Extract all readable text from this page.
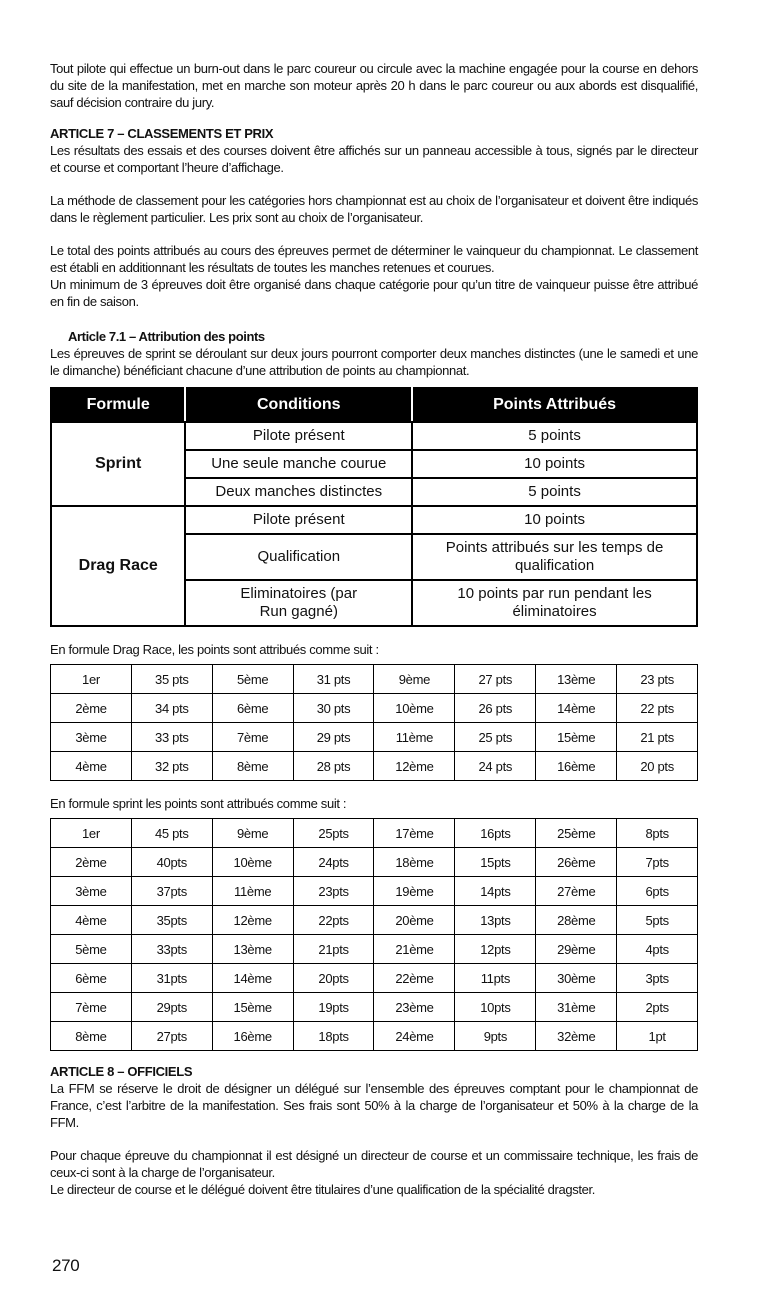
Tout pilote qui effectue un burn-out dans le parc coureur ou circule avec la machine engagée pour la course en dehors du site de la manifestation, met en marche son moteur après 20 h dans le parc coureur ou aux abords est disqualifié, sauf décision contraire du jury.

ARTICLE 7 – CLASSEMENTS ET PRIX

Les résultats des essais et des courses doivent être affichés sur un panneau accessible à tous, signés par le directeur et course et comportant l’heure d’affichage.

La méthode de classement pour les catégories hors championnat est au choix de l’organisateur et doivent être indiqués dans le règlement particulier. Les prix sont au choix de l’organisateur.

Le total des points attribués au cours des épreuves permet de déterminer le vainqueur du championnat. Le classement est établi en additionnant les résultats de toutes les manches retenues et courues.

Un minimum de 3 épreuves doit être organisé dans chaque catégorie pour qu’un titre de vainqueur puisse être attribué en fin de saison.

Article 7.1 – Attribution des points

Les épreuves de sprint se déroulant sur deux jours pourront comporter deux manches distinctes (une le samedi et une le dimanche) bénéficiant chacune d’une attribution de points au championnat.

Formule	Conditions	Points Attribués
Sprint	Pilote présent	5 points
	Une seule manche courue	10 points
	Deux manches distinctes	5 points
Drag Race	Pilote présent	10 points
	Qualification	Points attribués sur les temps de qualification
	Eliminatoires (par Run gagné)	10 points par run pendant les éliminatoires

En formule Drag Race, les points sont attribués comme suit :

1er	35 pts	5ème	31 pts	9ème	27 pts	13ème	23 pts
2ème	34 pts	6ème	30 pts	10ème	26 pts	14ème	22 pts
3ème	33 pts	7ème	29 pts	11ème	25 pts	15ème	21 pts
4ème	32 pts	8ème	28 pts	12ème	24 pts	16ème	20 pts

En formule sprint les points sont attribués comme suit :

1er	45 pts	9ème	25pts	17ème	16pts	25ème	8pts
2ème	40pts	10ème	24pts	18ème	15pts	26ème	7pts
3ème	37pts	11ème	23pts	19ème	14pts	27ème	6pts
4ème	35pts	12ème	22pts	20ème	13pts	28ème	5pts
5ème	33pts	13ème	21pts	21ème	12pts	29ème	4pts
6ème	31pts	14ème	20pts	22ème	11pts	30ème	3pts
7ème	29pts	15ème	19pts	23ème	10pts	31ème	2pts
8ème	27pts	16ème	18pts	24ème	9pts	32ème	1pt

ARTICLE 8 – OFFICIELS

La FFM se réserve le droit de désigner un délégué sur l’ensemble des épreuves comptant pour le championnat de France, c’est l’arbitre de la manifestation. Ses frais sont 50% à la charge de l’organisateur et 50% à la charge de la FFM.

Pour chaque épreuve du championnat il est désigné un directeur de course et un commissaire technique, les frais de ceux-ci sont à la charge de l’organisateur.

Le directeur de course et le délégué doivent être titulaires d’une qualification de la spécialité dragster.

270
